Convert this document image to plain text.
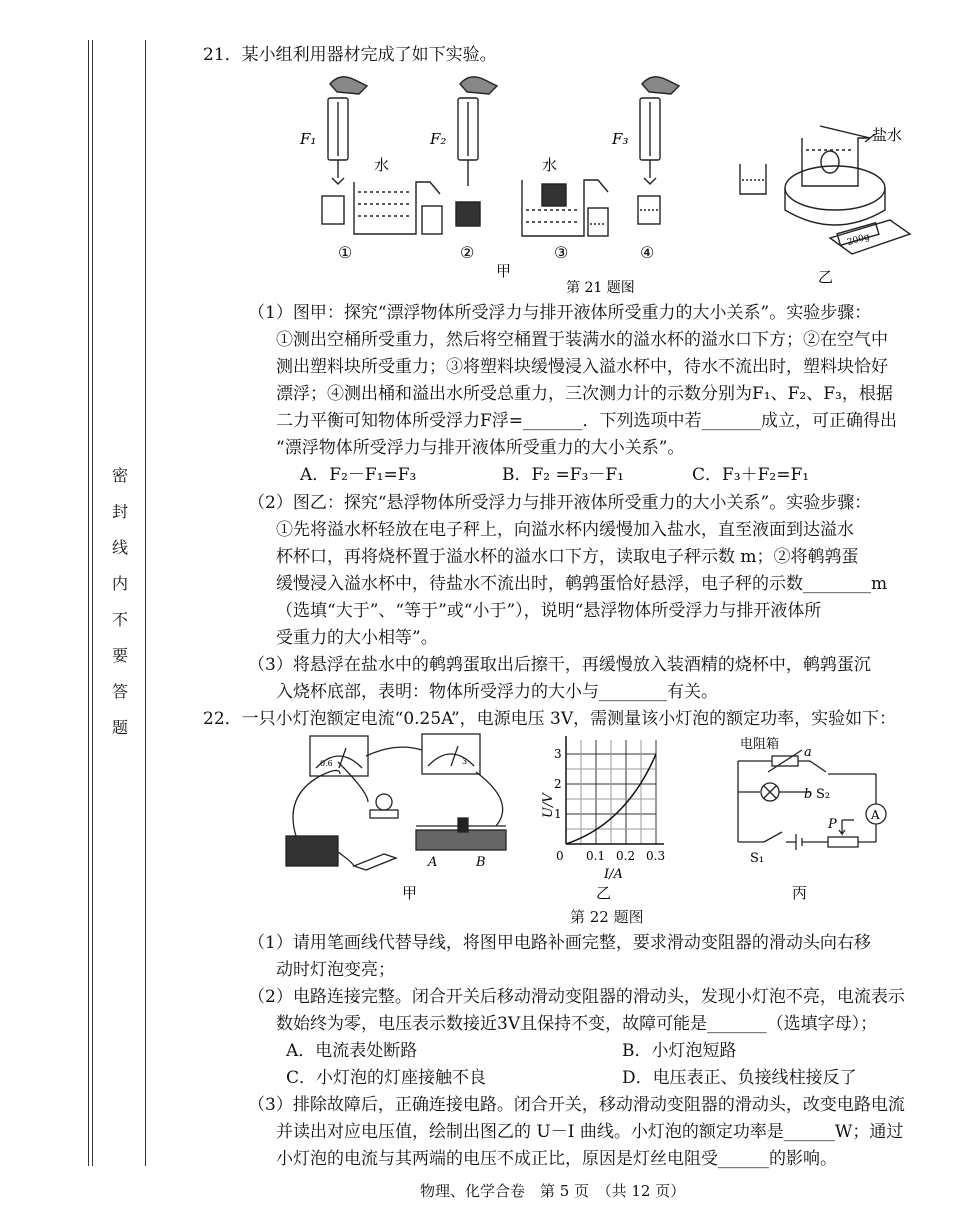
密 封 线 内 不 要 答 题
21．某小组利用器材完成了如下实验。
F₁	F₂	F₃
水	水
盐水
200g
①	②	③	④
甲	乙
第 21 题图
（1）图甲：探究“漂浮物体所受浮力与排开液体所受重力的大小关系”。实验步骤：
①测出空桶所受重力，然后将空桶置于装满水的溢水杯的溢水口下方；②在空气中
测出塑料块所受重力；③将塑料块缓慢浸入溢水杯中，待水不流出时，塑料块恰好
漂浮；④测出桶和溢出水所受总重力，三次测力计的示数分别为F₁、F₂、F₃，根据
二力平衡可知物体所受浮力F浮=_______．下列选项中若_______成立，可正确得出
“漂浮物体所受浮力与排开液体所受重力的大小关系”。
A．F₂－F₁=F₃	B．F₂ =F₃－F₁	C．F₃＋F₂=F₁
（2）图乙：探究“悬浮物体所受浮力与排开液体所受重力的大小关系”。实验步骤：
①先将溢水杯轻放在电子秤上，向溢水杯内缓慢加入盐水，直至液面到达溢水
杯杯口，再将烧杯置于溢水杯的溢水口下方，读取电子秤示数 m；②将鹌鹑蛋
缓慢浸入溢水杯中，待盐水不流出时，鹌鹑蛋恰好悬浮，电子秤的示数________m
（选填“大于”、“等于”或“小于”），说明“悬浮物体所受浮力与排开液体所
受重力的大小相等”。
（3）将悬浮在盐水中的鹌鹑蛋取出后擦干，再缓慢放入装酒精的烧杯中，鹌鹑蛋沉
入烧杯底部，表明：物体所受浮力的大小与________有关。
22．一只小灯泡额定电流“0.25A”，电源电压 3V，需测量该小灯泡的额定功率，实验如下：
0.6	3
A	B
甲
U/V
3
2
1
0 0.1 0.2 0.3
I/A
乙
电阻箱
a
b S₂
S₁
P
A
丙
第 22 题图
（1）请用笔画线代替导线，将图甲电路补画完整，要求滑动变阻器的滑动头向右移
动时灯泡变亮；
（2）电路连接完整。闭合开关后移动滑动变阻器的滑动头，发现小灯泡不亮，电流表示
数始终为零，电压表示数接近3V且保持不变，故障可能是_______（选填字母）；
A．电流表处断路	B．小灯泡短路
C．小灯泡的灯座接触不良	D．电压表正、负接线柱接反了
（3）排除故障后，正确连接电路。闭合开关，移动滑动变阻器的滑动头，改变电路电流
并读出对应电压值，绘制出图乙的 U－I 曲线。小灯泡的额定功率是______W；通过
小灯泡的电流与其两端的电压不成正比，原因是灯丝电阻受______的影响。
物理、化学合卷　第 5 页　（共 12 页）
